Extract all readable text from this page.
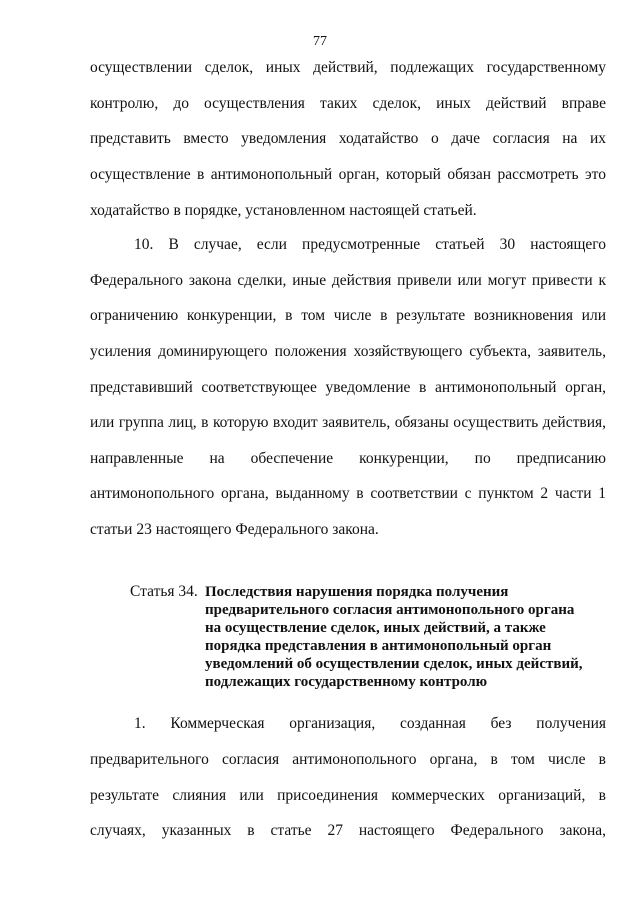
77
осуществлении сделок, иных действий, подлежащих государственному
контролю, до осуществления таких сделок, иных действий вправе
представить вместо уведомления ходатайство о даче согласия на их
осуществление в антимонопольный орган, который обязан рассмотреть это
ходатайство в порядке, установленном настоящей статьей.
10. В случае, если предусмотренные статьей 30 настоящего
Федерального закона сделки, иные действия привели или могут привести к
ограничению конкуренции, в том числе в результате возникновения или
усиления доминирующего положения хозяйствующего субъекта, заявитель,
представивший соответствующее уведомление в антимонопольный орган,
или группа лиц, в которую входит заявитель, обязаны осуществить действия,
направленные на обеспечение конкуренции, по предписанию
антимонопольного органа, выданному в соответствии с пунктом 2 части 1
статьи 23 настоящего Федерального закона.
Статья 34. Последствия нарушения порядка получения
предварительного согласия антимонопольного органа
на осуществление сделок, иных действий, а также
порядка представления в антимонопольный орган
уведомлений об осуществлении сделок, иных действий,
подлежащих государственному контролю
1. Коммерческая организация, созданная без получения
предварительного согласия антимонопольного органа, в том числе в
результате слияния или присоединения коммерческих организаций, в
случаях, указанных в статье 27 настоящего Федерального закона,
